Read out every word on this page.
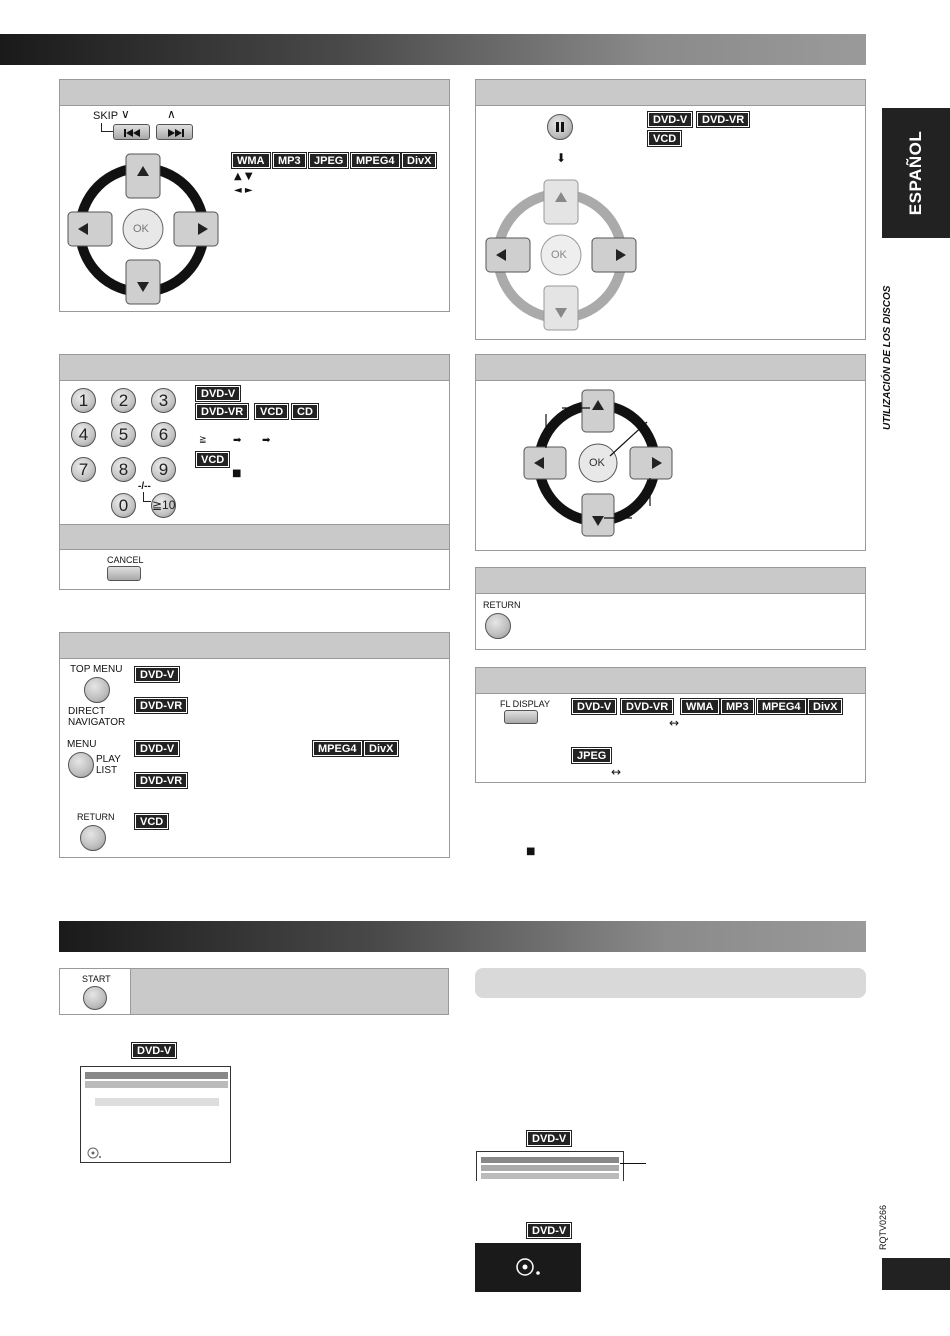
ESPAÑOL
UTILIZACIÓN DE LOS DISCOS
RQTV0266
SKIP ∨	∧
OK
WMA	MP3	JPEG	MPEG4	DivX
▲ ▼
◄ ►
⬇
DVD-V	DVD-VR
VCD
OK
1	2	3
4	5	6
7	8	9
0
-/--
≧10
DVD-V
DVD-VR	VCD	CD
≧	➡ ➡
VCD
■
CANCEL
TOP MENU
DIRECT
NAVIGATOR
MENU
PLAY
LIST
RETURN
DVD-V
DVD-VR
DVD-V	MPEG4	DivX
DVD-VR
VCD
OK
RETURN
FL DISPLAY	DVD-V	DVD-VR	WMA	MP3	MPEG4	DivX
↔
JPEG
↔
■
START
DVD-V
DVD-V
DVD-V
